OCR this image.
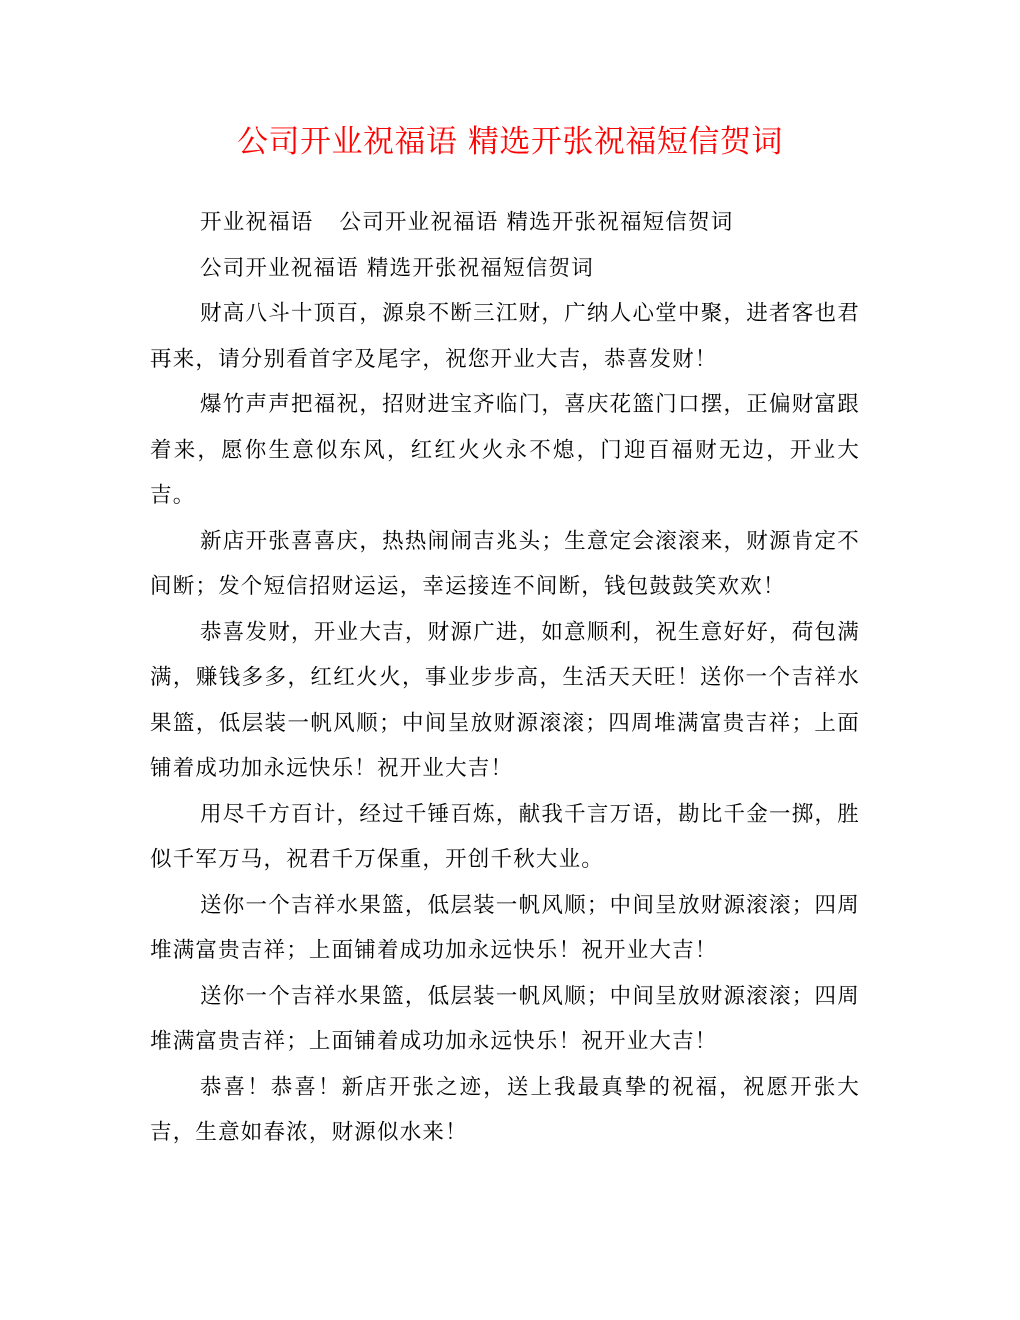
公司开业祝福语 精选开张祝福短信贺词

开业祝福语 公司开业祝福语 精选开张祝福短信贺词

公司开业祝福语 精选开张祝福短信贺词

财高八斗十顶百，源泉不断三江财，广纳人心堂中聚，进者客也君再来，请分别看首字及尾字，祝您开业大吉，恭喜发财！

爆竹声声把福祝，招财进宝齐临门，喜庆花篮门口摆，正偏财富跟着来，愿你生意似东风，红红火火永不熄，门迎百福财无边，开业大吉。

新店开张喜喜庆，热热闹闹吉兆头；生意定会滚滚来，财源肯定不间断；发个短信招财运运，幸运接连不间断，钱包鼓鼓笑欢欢！

恭喜发财，开业大吉，财源广进，如意顺利，祝生意好好，荷包满满，赚钱多多，红红火火，事业步步高，生活天天旺！送你一个吉祥水果篮，低层装一帆风顺；中间呈放财源滚滚；四周堆满富贵吉祥；上面铺着成功加永远快乐！祝开业大吉！

用尽千方百计，经过千锤百炼，献我千言万语，勘比千金一掷，胜似千军万马，祝君千万保重，开创千秋大业。

送你一个吉祥水果篮，低层装一帆风顺；中间呈放财源滚滚；四周堆满富贵吉祥；上面铺着成功加永远快乐！祝开业大吉！

送你一个吉祥水果篮，低层装一帆风顺；中间呈放财源滚滚；四周堆满富贵吉祥；上面铺着成功加永远快乐！祝开业大吉！

恭喜！恭喜！新店开张之迹，送上我最真挚的祝福，祝愿开张大吉，生意如春浓，财源似水来！
